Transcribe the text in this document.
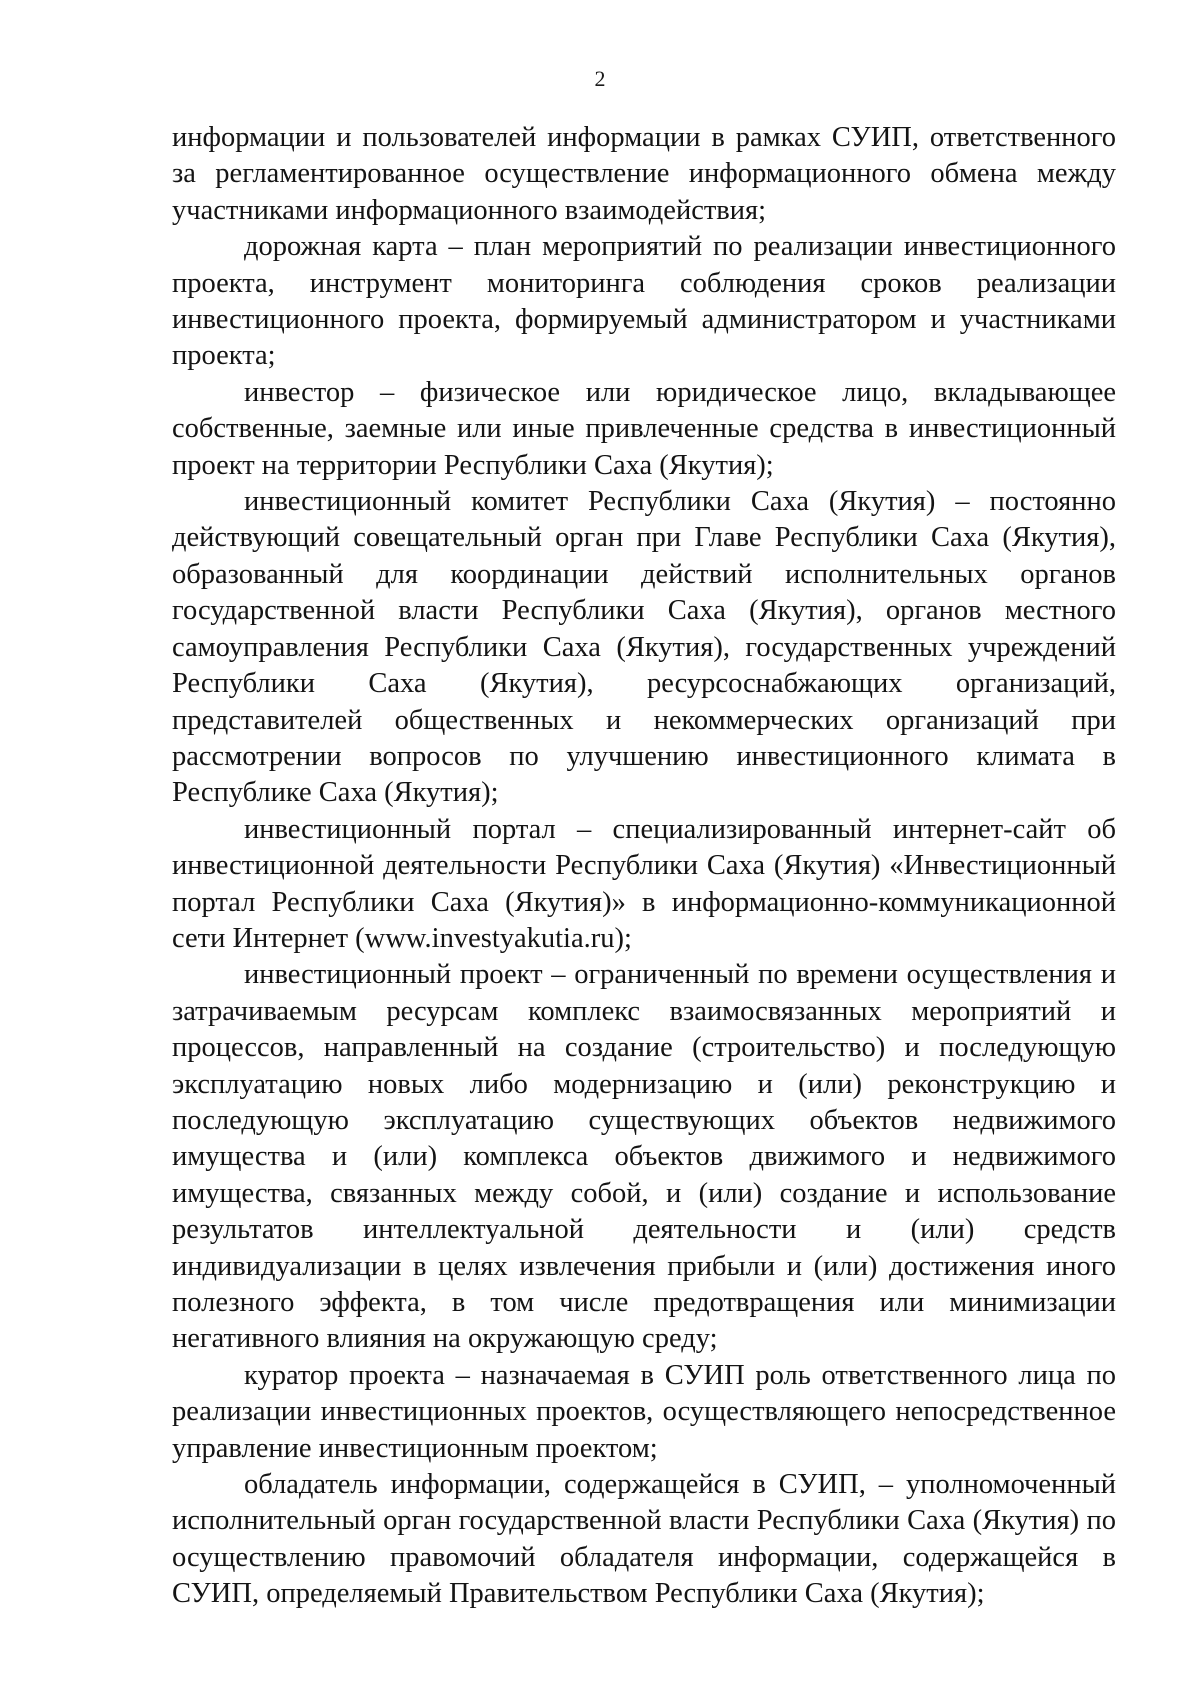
2

информации и пользователей информации в рамках СУИП, ответственного за регламентированное осуществление информационного обмена между участниками информационного взаимодействия;

дорожная карта – план мероприятий по реализации инвестиционного проекта, инструмент мониторинга соблюдения сроков реализации инвестиционного проекта, формируемый администратором и участниками проекта;

инвестор – физическое или юридическое лицо, вкладывающее собственные, заемные или иные привлеченные средства в инвестиционный проект на территории Республики Саха (Якутия);

инвестиционный комитет Республики Саха (Якутия) – постоянно действующий совещательный орган при Главе Республики Саха (Якутия), образованный для координации действий исполнительных органов государственной власти Республики Саха (Якутия), органов местного самоуправления Республики Саха (Якутия), государственных учреждений Республики Саха (Якутия), ресурсоснабжающих организаций, представителей общественных и некоммерческих организаций при рассмотрении вопросов по улучшению инвестиционного климата в Республике Саха (Якутия);

инвестиционный портал – специализированный интернет-сайт об инвестиционной деятельности Республики Саха (Якутия) «Инвестиционный портал Республики Саха (Якутия)» в информационно-коммуникационной сети Интернет (www.investyakutia.ru);

инвестиционный проект – ограниченный по времени осуществления и затрачиваемым ресурсам комплекс взаимосвязанных мероприятий и процессов, направленный на создание (строительство) и последующую эксплуатацию новых либо модернизацию и (или) реконструкцию и последующую эксплуатацию существующих объектов недвижимого имущества и (или) комплекса объектов движимого и недвижимого имущества, связанных между собой, и (или) создание и использование результатов интеллектуальной деятельности и (или) средств индивидуализации в целях извлечения прибыли и (или) достижения иного полезного эффекта, в том числе предотвращения или минимизации негативного влияния на окружающую среду;

куратор проекта – назначаемая в СУИП роль ответственного лица по реализации инвестиционных проектов, осуществляющего непосредственное управление инвестиционным проектом;

обладатель информации, содержащейся в СУИП, – уполномоченный исполнительный орган государственной власти Республики Саха (Якутия) по осуществлению правомочий обладателя информации, содержащейся в СУИП, определяемый Правительством Республики Саха (Якутия);
